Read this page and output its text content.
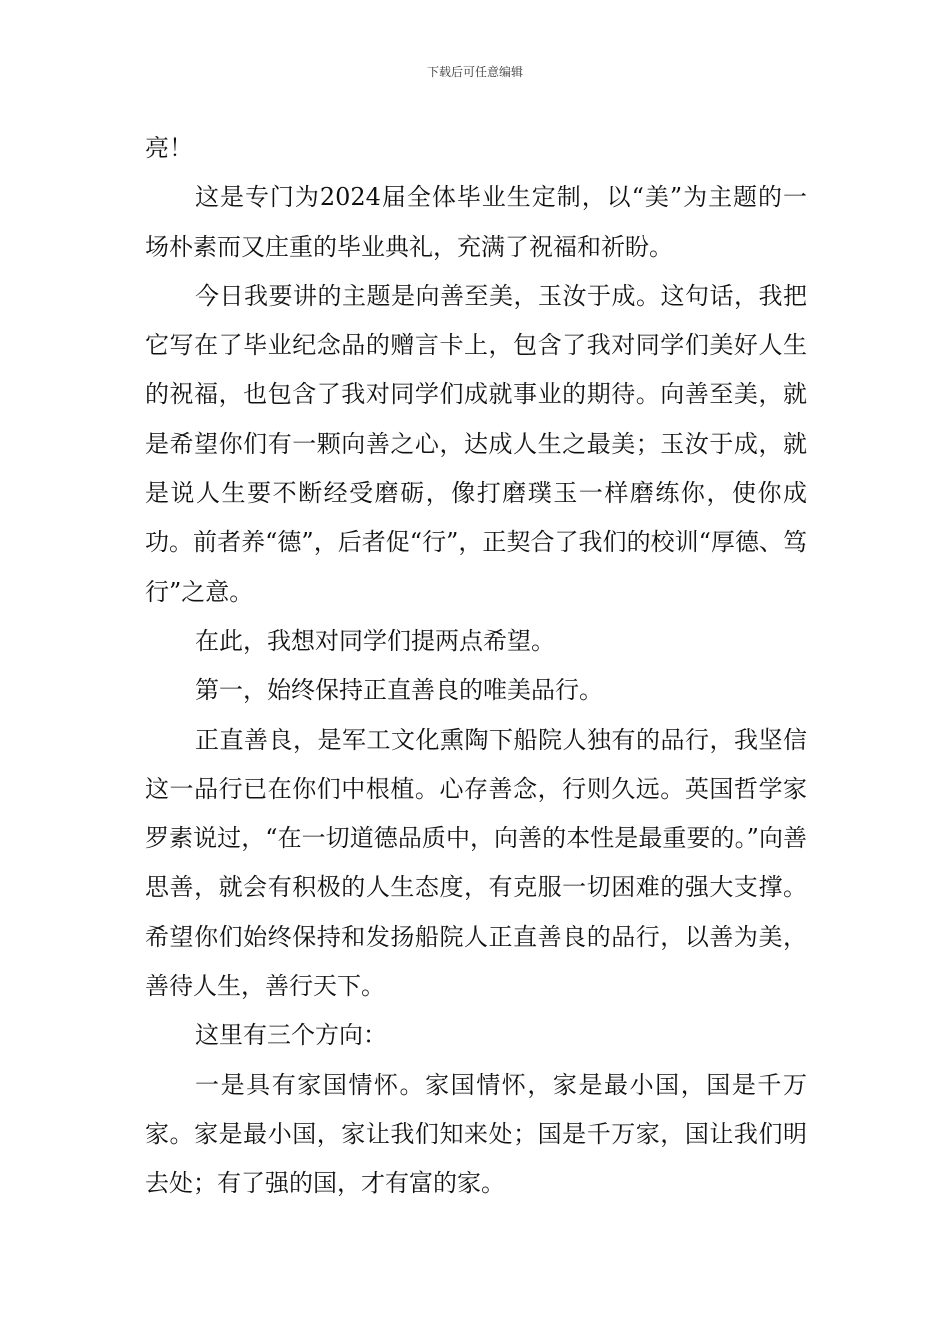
下载后可任意编辑

亮！

这是专门为2024届全体毕业生定制，以“美”为主题的一场朴素而又庄重的毕业典礼，充满了祝福和祈盼。

今日我要讲的主题是向善至美，玉汝于成。这句话，我把它写在了毕业纪念品的赠言卡上，包含了我对同学们美好人生的祝福，也包含了我对同学们成就事业的期待。向善至美，就是希望你们有一颗向善之心，达成人生之最美；玉汝于成，就是说人生要不断经受磨砺，像打磨璞玉一样磨练你，使你成功。前者养“德”，后者促“行”，正契合了我们的校训“厚德、笃行”之意。

在此，我想对同学们提两点希望。

第一，始终保持正直善良的唯美品行。

正直善良，是军工文化熏陶下船院人独有的品行，我坚信这一品行已在你们中根植。心存善念，行则久远。英国哲学家罗素说过，“在一切道德品质中，向善的本性是最重要的。”向善思善，就会有积极的人生态度，有克服一切困难的强大支撑。希望你们始终保持和发扬船院人正直善良的品行，以善为美，善待人生，善行天下。

这里有三个方向：

一是具有家国情怀。家国情怀，家是最小国，国是千万家。家是最小国，家让我们知来处；国是千万家，国让我们明去处；有了强的国，才有富的家。
